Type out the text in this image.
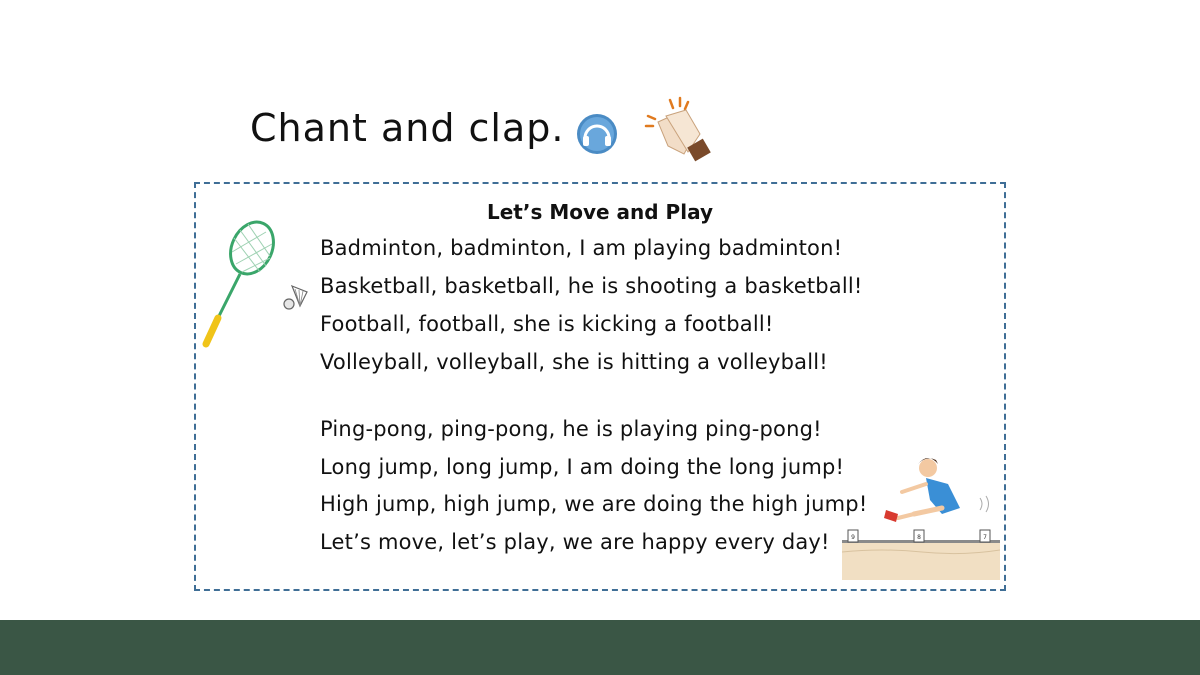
Chant and clap.
Let’s Move and Play
Badminton, badminton, I am playing badminton!
Basketball, basketball, he is shooting a basketball!
Football, football, she is kicking a football!
Volleyball, volleyball, she is hitting a volleyball!
Ping-pong, ping-pong, he is playing ping-pong!
Long jump, long jump, I am doing the long jump!
High jump, high jump, we are doing the high jump!
Let’s move, let’s play, we are happy every day!	9	8	7
